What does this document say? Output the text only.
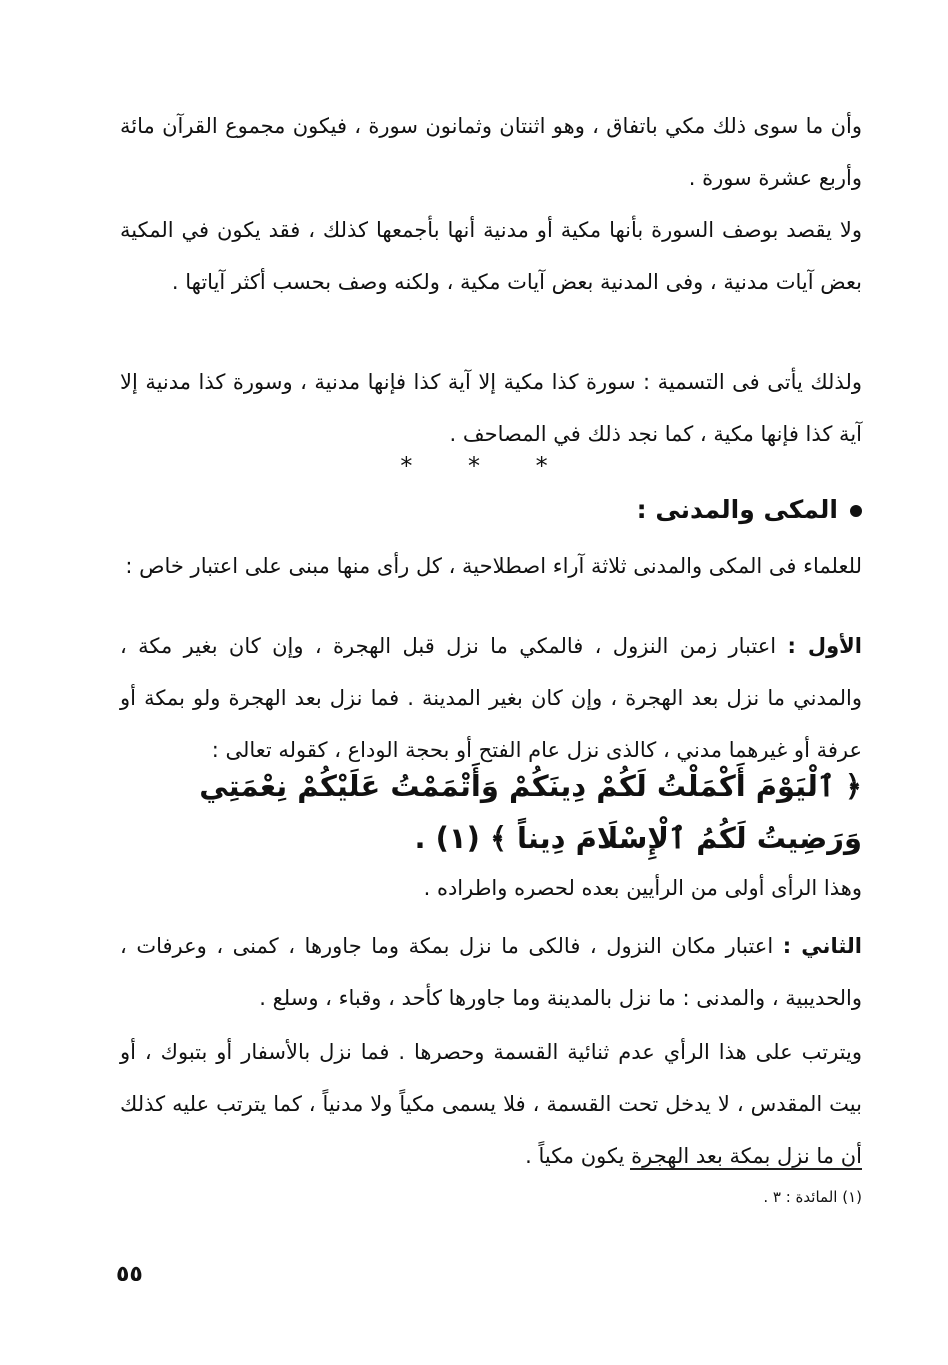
وأن ما سوى ذلك مكي باتفاق ، وهو اثنتان وثمانون سورة ، فيكون مجموع القرآن مائة وأربع عشرة سورة .

ولا يقصد بوصف السورة بأنها مكية أو مدنية أنها بأجمعها كذلك ، فقد يكون في المكية بعض آيات مدنية ، وفى المدنية بعض آيات مكية ، ولكنه وصف بحسب أكثر آياتها .

ولذلك يأتى فى التسمية : سورة كذا مكية إلا آية كذا فإنها مدنية ، وسورة كذا مدنية إلا آية كذا فإنها مكية ، كما نجد ذلك في المصاحف .

* * *
المكى والمدنى :

للعلماء فى المكى والمدنى ثلاثة آراء اصطلاحية ، كل رأى منها مبنى على اعتبار خاص :

الأول : اعتبار زمن النزول ، فالمكي ما نزل قبل الهجرة ، وإن كان بغير مكة ، والمدني ما نزل بعد الهجرة ، وإن كان بغير المدينة . فما نزل بعد الهجرة ولو بمكة أو عرفة أو غيرهما مدني ، كالذى نزل عام الفتح أو بحجة الوداع ، كقوله تعالى :

﴿ ٱلْيَوْمَ أَكْمَلْتُ لَكُمْ دِينَكُمْ وَأَتْمَمْتُ عَلَيْكُمْ نِعْمَتِي وَرَضِيتُ لَكُمُ ٱلْإِسْلَامَ دِيناً ﴾ (١) .

وهذا الرأى أولى من الرأيين بعده لحصره واطراده .

الثاني : اعتبار مكان النزول ، فالكى ما نزل بمكة وما جاورها ، كمنى ، وعرفات ، والحديبية ، والمدنى : ما نزل بالمدينة وما جاورها كأحد ، وقباء ، وسلع .

ويترتب على هذا الرأي عدم ثنائية القسمة وحصرها . فما نزل بالأسفار أو بتبوك ، أو بيت المقدس ، لا يدخل تحت القسمة ، فلا يسمى مكياً ولا مدنياً ، كما يترتب عليه كذلك أن ما نزل بمكة بعد الهجرة يكون مكياً .

(١) المائدة : ٣ .
٥٥
